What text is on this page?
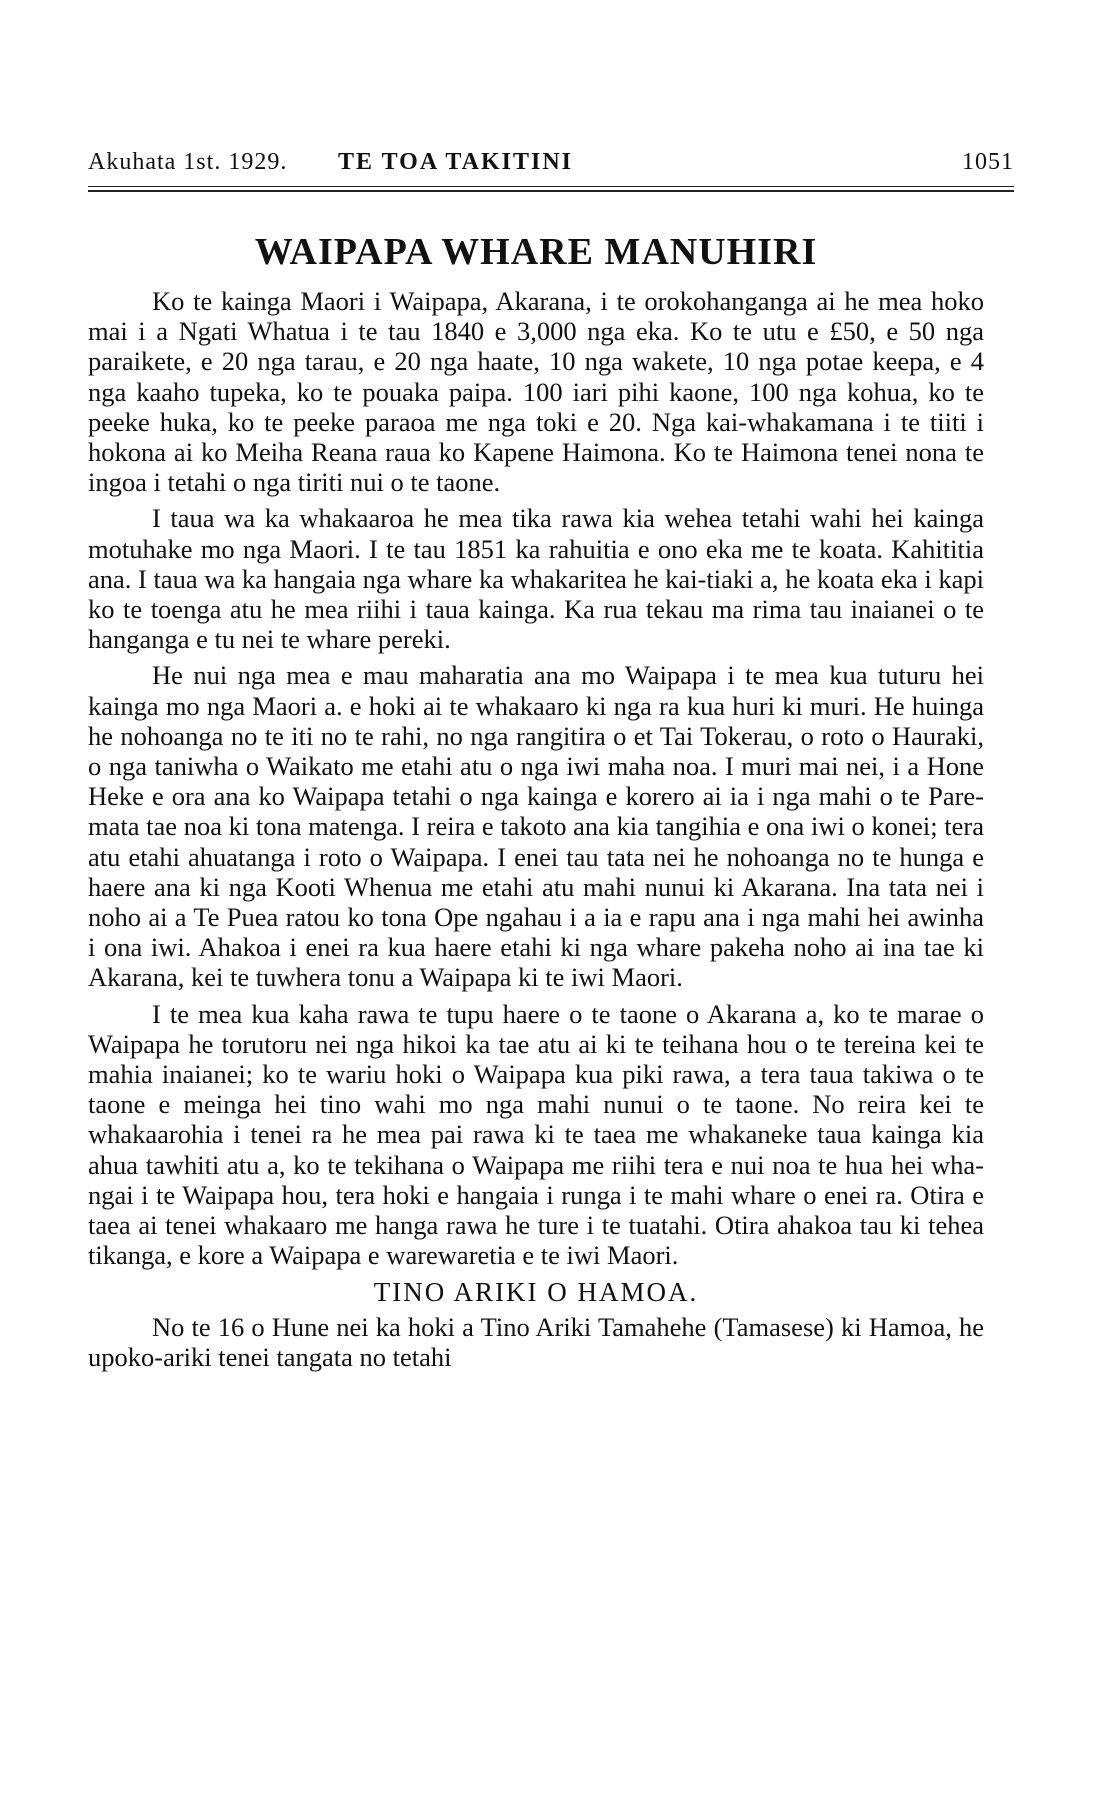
Akuhata 1st. 1929.	TE TOA TAKITINI	1051
WAIPAPA WHARE MANUHIRI

Ko te kainga Maori i Waipapa, Akarana, i te orokohanganga ai he mea hoko mai i a Ngati Whatua i te tau 1840 e 3,000 nga eka. Ko te utu e £50, e 50 nga paraikete, e 20 nga tarau, e 20 nga haate, 10 nga wakete, 10 nga potae keepa, e 4 nga kaaho tupeka, ko te pouaka paipa. 100 iari pihi kaone, 100 nga kohua, ko te peeke huka, ko te peeke paraoa me nga toki e 20. Nga kai-whakamana i te tiiti i hokona ai ko Meiha Reana raua ko Kapene Haimona. Ko te Haimona tenei nona te ingoa i tetahi o nga tiriti nui o te taone.

I taua wa ka whakaaroa he mea tika rawa kia wehea tetahi wahi hei kainga motuhake mo nga Maori. I te tau 1851 ka rahuitia e ono eka me te koata. Kahititia ana. I taua wa ka hangaia nga whare ka whakaritea he kai-tiaki a, he koata eka i kapi ko te toenga atu he mea riihi i taua kainga. Ka rua tekau ma rima tau inaianei o te hanganga e tu nei te whare pereki.

He nui nga mea e mau maharatia ana mo Waipapa i te mea kua tuturu hei kainga mo nga Maori a. e hoki ai te whakaaro ki nga ra kua huri ki muri. He huinga he nohoanga no te iti no te rahi, no nga rangitira o et Tai Tokerau, o roto o Hauraki, o nga taniwha o Waikato me etahi atu o nga iwi maha noa. I muri mai nei, i a Hone Heke e ora ana ko Waipapa tetahi o nga kainga e korero ai ia i nga mahi o te Paremata tae noa ki tona matenga. I reira e takoto ana kia tangihia e ona iwi o konei; tera atu etahi ahuatanga i roto o Waipapa. I enei tau tata nei he nohoanga no te hunga e haere ana ki nga Kooti Whenua me etahi atu mahi nunui ki Akarana. Ina tata nei i noho ai a Te Puea ratou ko tona Ope ngahau i a ia e rapu ana i nga mahi hei awinha i ona iwi. Ahakoa i enei ra kua haere etahi ki nga whare pakeha noho ai ina tae ki Akarana, kei te tuwhera tonu a Waipapa ki te iwi Maori.

I te mea kua kaha rawa te tupu haere o te taone o Akarana a, ko te marae o Waipapa he torutoru nei nga hikoi ka tae atu ai ki te teihana hou o te tereina kei te mahia inaianei; ko te wariu hoki o Waipapa kua piki rawa, a tera taua takiwa o te taone e meinga hei tino wahi mo nga mahi nunui o te taone. No reira kei te whakaarohia i tenei ra he mea pai rawa ki te taea me whakaneke taua kainga kia ahua tawhiti atu a, ko te tekihana o Waipapa me riihi tera e nui noa te hua hei whangai i te Waipapa hou, tera hoki e hangaia i runga i te mahi whare o enei ra. Otira e taea ai tenei whakaaro me hanga rawa he ture i te tuatahi. Otira ahakoa tau ki tehea tikanga, e kore a Waipapa e warewaretia e te iwi Maori.

TINO ARIKI O HAMOA.

No te 16 o Hune nei ka hoki a Tino Ariki Tamahehe (Tamasese) ki Hamoa, he upoko-ariki tenei tangata no tetahi
